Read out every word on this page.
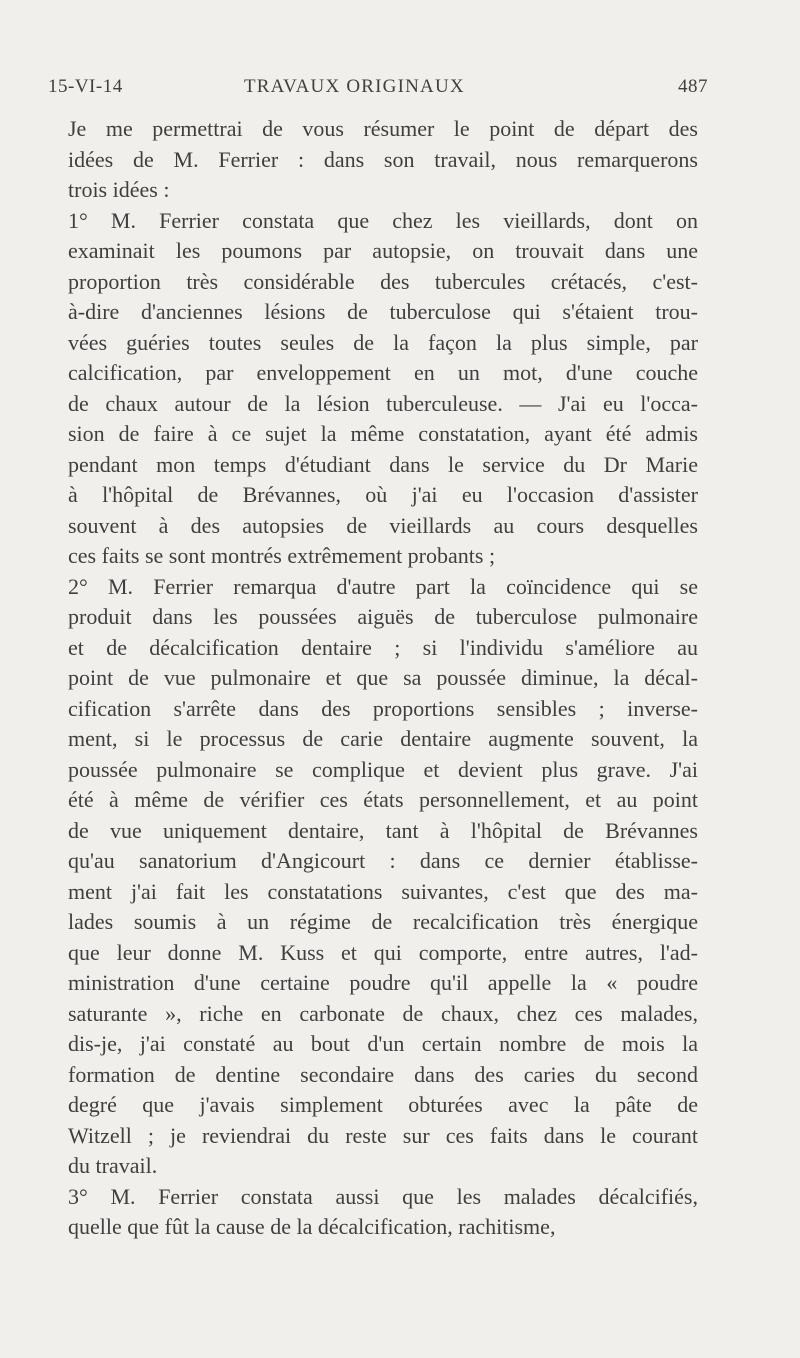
15-VI-14	TRAVAUX ORIGINAUX	487

Je me permettrai de vous résumer le point de départ des
idées de M. Ferrier : dans son travail, nous remarquerons
trois idées :

1° M. Ferrier constata que chez les vieillards, dont on
examinait les poumons par autopsie, on trouvait dans une
proportion très considérable des tubercules crétacés, c'est-
à-dire d'anciennes lésions de tuberculose qui s'étaient trou-
vées guéries toutes seules de la façon la plus simple, par
calcification, par enveloppement en un mot, d'une couche
de chaux autour de la lésion tuberculeuse. — J'ai eu l'occa-
sion de faire à ce sujet la même constatation, ayant été admis
pendant mon temps d'étudiant dans le service du Dr Marie
à l'hôpital de Brévannes, où j'ai eu l'occasion d'assister
souvent à des autopsies de vieillards au cours desquelles
ces faits se sont montrés extrêmement probants ;

2° M. Ferrier remarqua d'autre part la coïncidence qui se
produit dans les poussées aiguës de tuberculose pulmonaire
et de décalcification dentaire ; si l'individu s'améliore au
point de vue pulmonaire et que sa poussée diminue, la décal-
cification s'arrête dans des proportions sensibles ; inverse-
ment, si le processus de carie dentaire augmente souvent, la
poussée pulmonaire se complique et devient plus grave. J'ai
été à même de vérifier ces états personnellement, et au point
de vue uniquement dentaire, tant à l'hôpital de Brévannes
qu'au sanatorium d'Angicourt : dans ce dernier établisse-
ment j'ai fait les constatations suivantes, c'est que des ma-
lades soumis à un régime de recalcification très énergique
que leur donne M. Kuss et qui comporte, entre autres, l'ad-
ministration d'une certaine poudre qu'il appelle la « poudre
saturante », riche en carbonate de chaux, chez ces malades,
dis-je, j'ai constaté au bout d'un certain nombre de mois la
formation de dentine secondaire dans des caries du second
degré que j'avais simplement obturées avec la pâte de
Witzell ; je reviendrai du reste sur ces faits dans le courant
du travail.

3° M. Ferrier constata aussi que les malades décalcifiés,
quelle que fût la cause de la décalcification, rachitisme,
